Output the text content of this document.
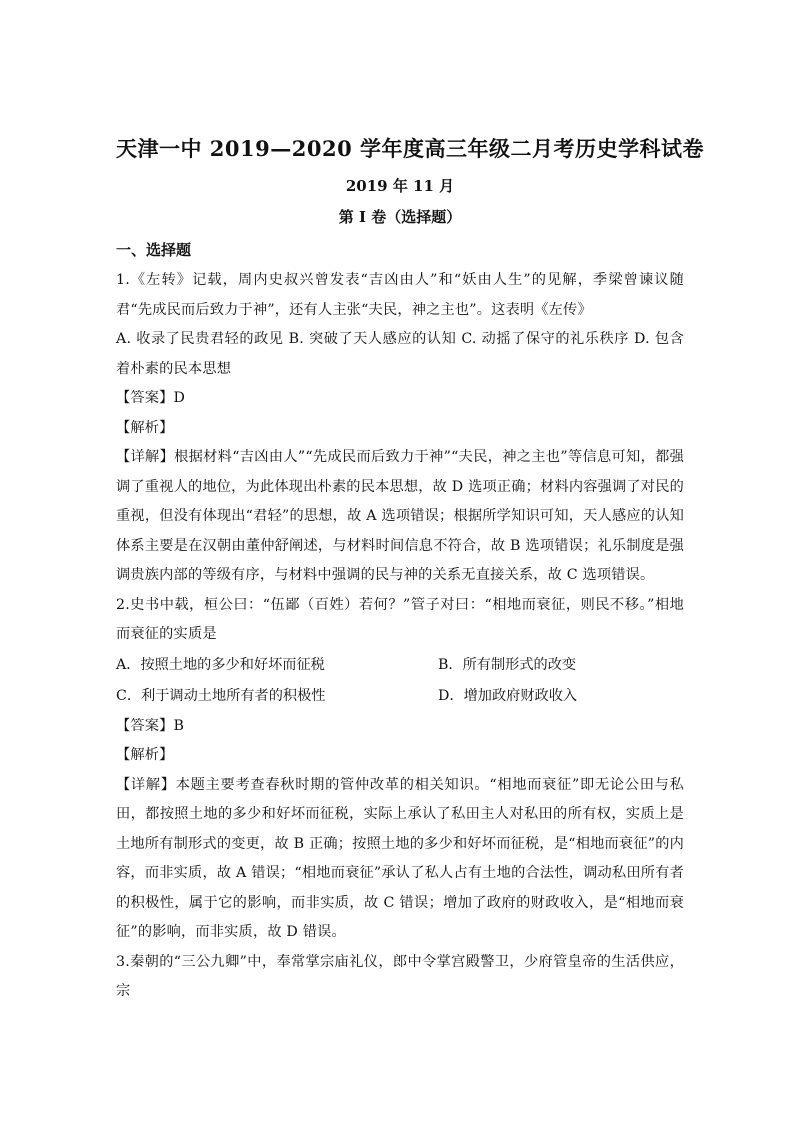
天津一中 2019—2020 学年度高三年级二月考历史学科试卷
2019 年 11 月
第 I 卷（选择题）
一、选择题

1.《左转》记载，周内史叔兴曾发表“吉凶由人”和“妖由人生”的见解，季梁曾谏议随君“先成民而后致力于神”，还有人主张“夫民，神之主也”。这表明《左传》

A. 收录了民贵君轻的政见 B. 突破了天人感应的认知 C. 动摇了保守的礼乐秩序 D. 包含着朴素的民本思想

【答案】D

【解析】

【详解】根据材料“吉凶由人”“先成民而后致力于神”“夫民，神之主也”等信息可知，都强调了重视人的地位，为此体现出朴素的民本思想，故 D 选项正确；材料内容强调了对民的重视，但没有体现出“君轻”的思想，故 A 选项错误；根据所学知识可知，天人感应的认知体系主要是在汉朝由董仲舒阐述，与材料时间信息不符合，故 B 选项错误；礼乐制度是强调贵族内部的等级有序，与材料中强调的民与神的关系无直接关系，故 C 选项错误。

2.史书中载，桓公曰：“伍鄙（百姓）若何？”管子对曰：“相地而衰征，则民不移。”相地而衰征的实质是

A．按照土地的多少和好坏而征税	B．所有制形式的改变
C．利于调动土地所有者的积极性	D．增加政府财政收入

【答案】B

【解析】

【详解】本题主要考查春秋时期的管仲改革的相关知识。“相地而衰征”即无论公田与私田，都按照土地的多少和好坏而征税，实际上承认了私田主人对私田的所有权，实质上是土地所有制形式的变更，故 B 正确；按照土地的多少和好坏而征税，是“相地而衰征”的内容，而非实质，故 A 错误；“相地而衰征”承认了私人占有土地的合法性，调动私田所有者的积极性，属于它的影响，而非实质，故 C 错误；增加了政府的财政收入，是“相地而衰征”的影响，而非实质，故 D 错误。

3.秦朝的“三公九卿”中，奉常掌宗庙礼仪，郎中令掌宫殿警卫，少府管皇帝的生活供应，宗
